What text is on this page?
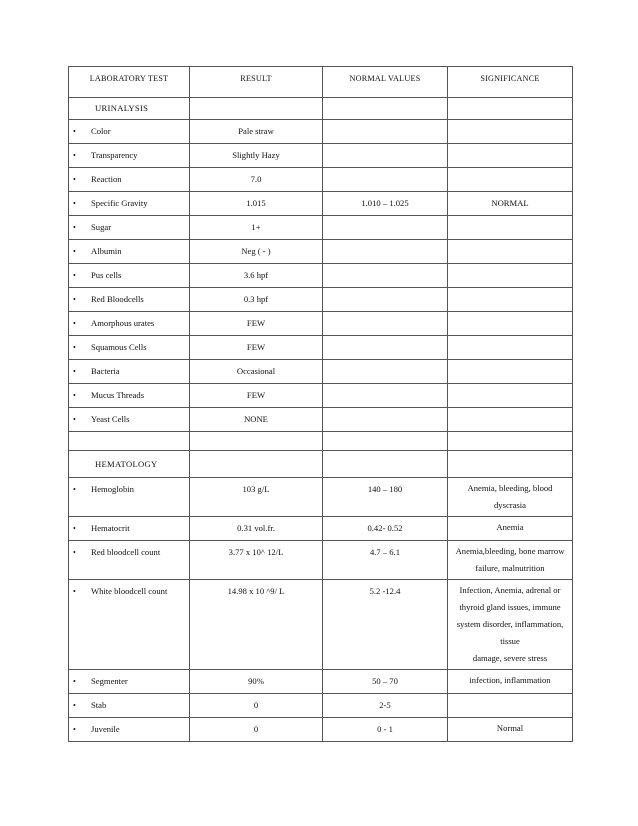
LABORATORY TEST	RESULT	NORMAL VALUES	SIGNIFICANCE
URINALYSIS			
• Color	Pale straw		
• Transparency	Slightly Hazy		
• Reaction	7.0		
• Specific Gravity	1.015	1.010 – 1.025	NORMAL
• Sugar	1+		
• Albumin	Neg ( - )		
• Pus cells	3.6 hpf		
• Red Bloodcells	0.3 hpf		
• Amorphous urates	FEW		
• Squamous Cells	FEW		
• Bacteria	Occasional		
• Mucus Threads	FEW		
• Yeast Cells	NONE		

HEMATOLOGY			
• Hemoglobin	103 g/L	140 – 180	Anemia, bleeding, blood
dyscrasia

• Hematocrit	0.31 vol.fr.	0.42- 0.52	Anemia

• Red bloodcell count	3.77 x 10^ 12/L	4.7 – 6.1	Anemia,bleeding, bone marrow
failure, malnutrition

• White bloodcell count	14.98 x 10 ^9/ L	5.2 -12.4	Infection, Anemia, adrenal or
thyroid gland issues, immune
system disorder, inflammation,
tissue
damage, severe stress

• Segmenter	90%	50 – 70	infection, inflammation

• Stab	0	2-5	

• Juvenile	0	0 - 1	Normal
